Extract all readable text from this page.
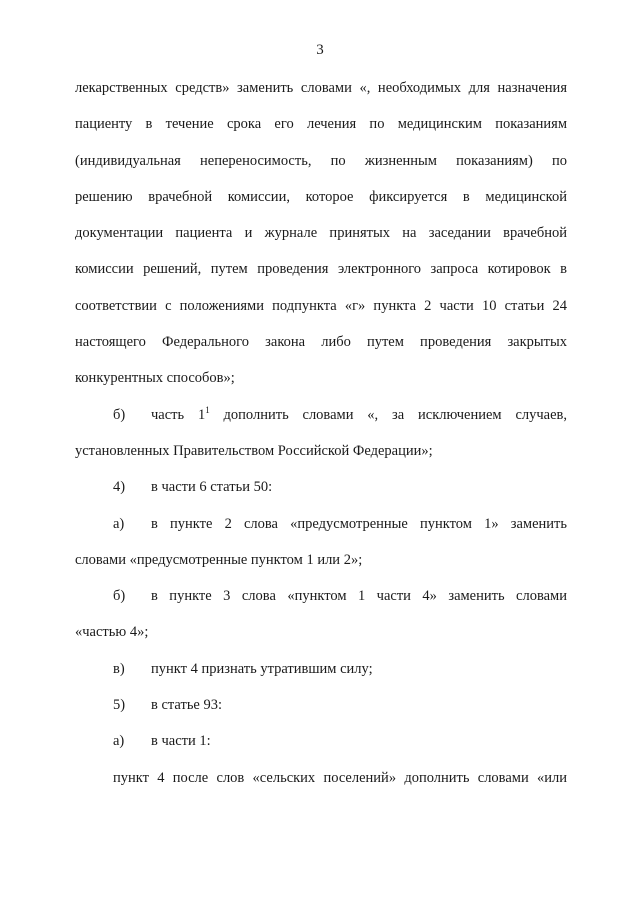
3
лекарственных средств» заменить словами «, необходимых для назначения
пациенту в течение срока его лечения по медицинским показаниям
(индивидуальная непереносимость, по жизненным показаниям) по
решению врачебной комиссии, которое фиксируется в медицинской
документации пациента и журнале принятых на заседании врачебной
комиссии решений, путем проведения электронного запроса котировок в
соответствии с положениями подпункта «г» пункта 2 части 10 статьи 24
настоящего Федерального закона либо путем проведения закрытых
конкурентных способов»;
б) часть $1^1$ дополнить словами «, за исключением случаев,
установленных Правительством Российской Федерации»;
4) в части 6 статьи 50:
а) в пункте 2 слова «предусмотренные пунктом 1» заменить
словами «предусмотренные пунктом 1 или 2»;
б) в пункте 3 слова «пунктом 1 части 4» заменить словами
«частью 4»;
в) пункт 4 признать утратившим силу;
5) в статье 93:
а) в части 1:
пункт 4 после слов «сельских поселений» дополнить словами «или
